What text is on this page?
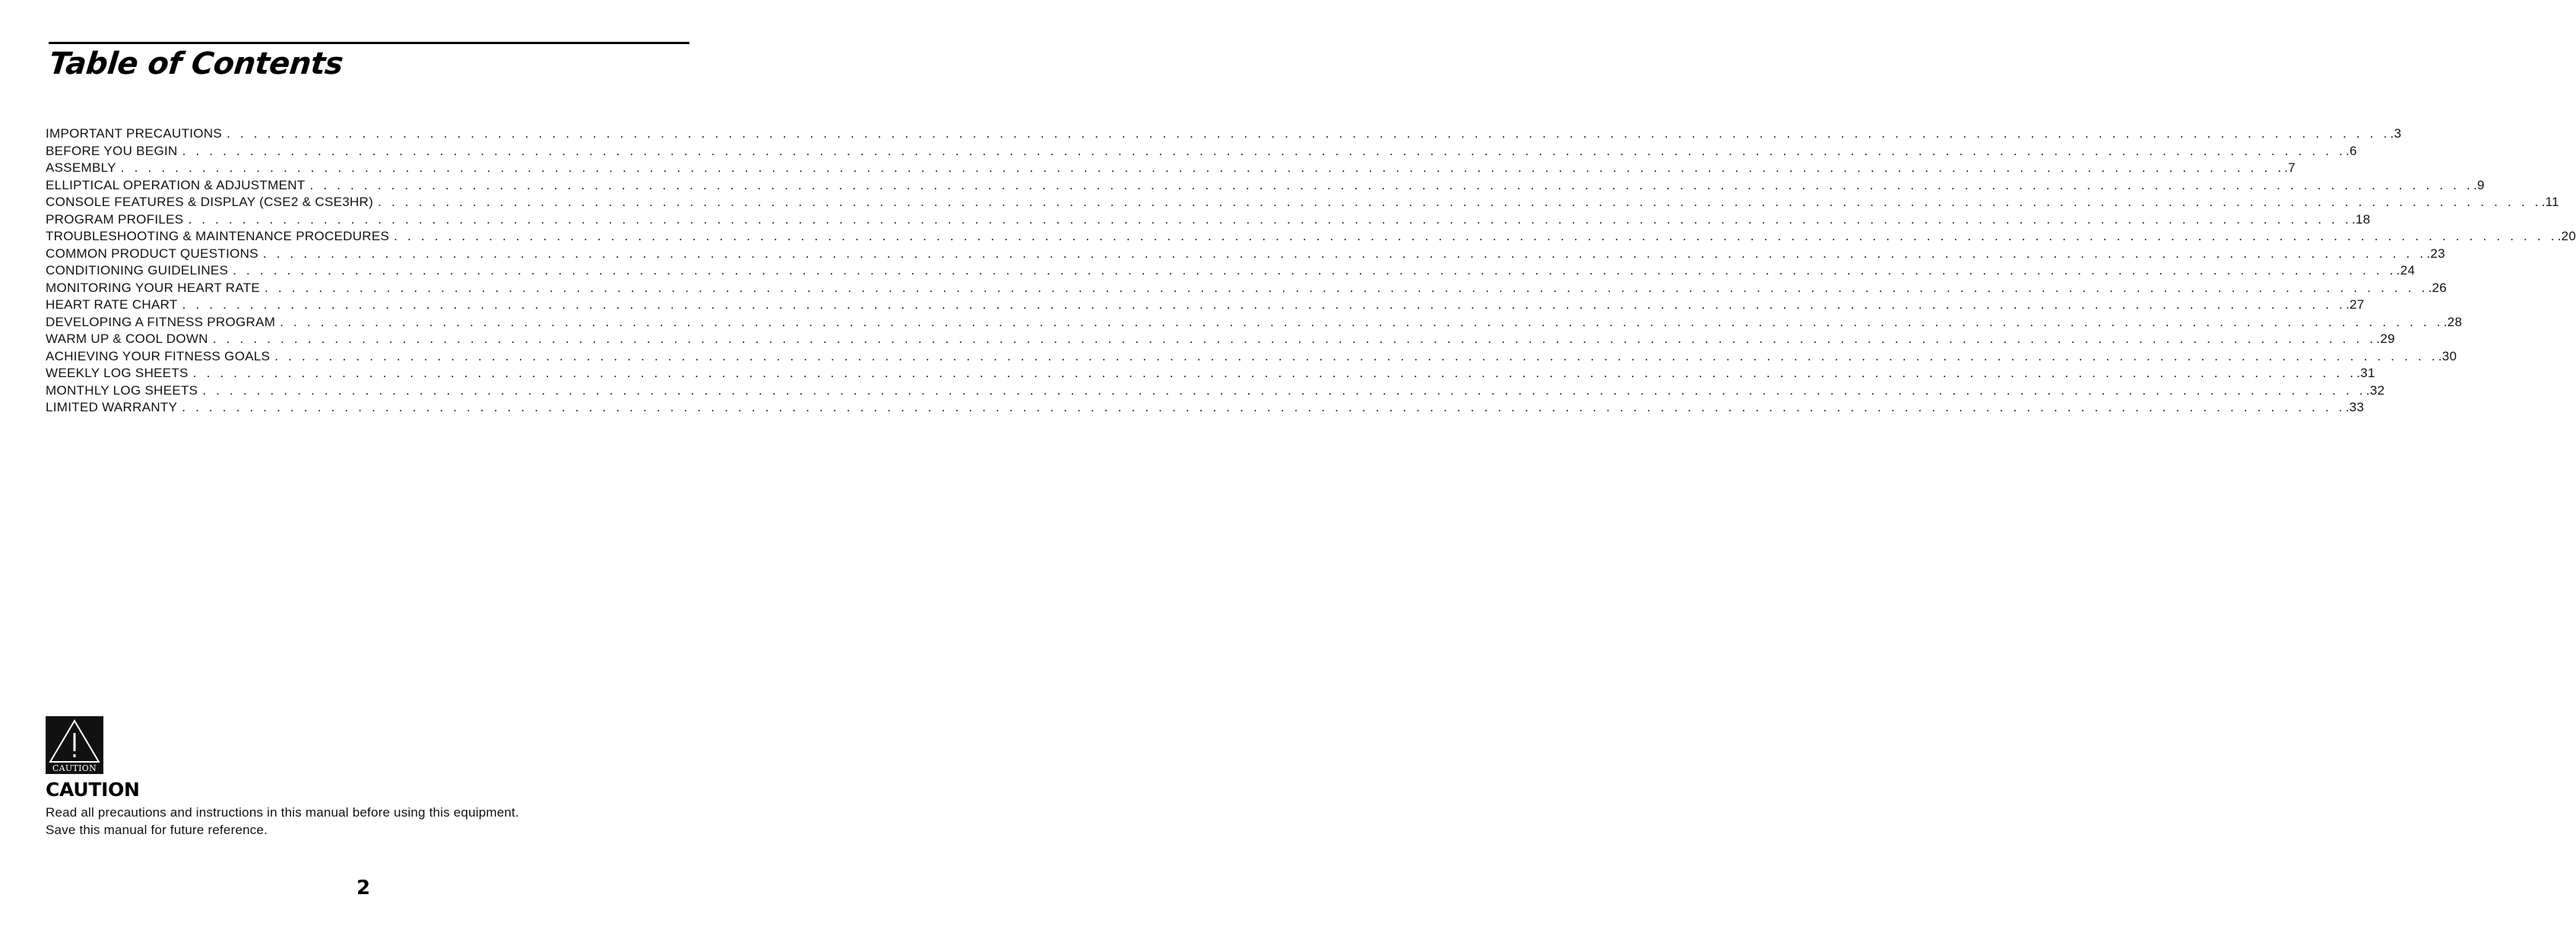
Table of Contents
IMPORTANT PRECAUTIONS . . . . . . . . . . . . . . . . . . . . . . . . . . . . . . . . . . . . . . . . . . . . . . . . . . . . . . . . . . . . . . . . . . . . . . . . . . . . . . . . . . . . . . . . . . . . . . . . . . . . . . . . . . . . . . . . . . . . . . . . . . . . . . . . . . . . . . . . . . . . . . . . . . . . . . . . . . . . . . . . .3
BEFORE YOU BEGIN . . . . . . . . . . . . . . . . . . . . . . . . . . . . . . . . . . . . . . . . . . . . . . . . . . . . . . . . . . . . . . . . . . . . . . . . . . . . . . . . . . . . . . . . . . . . . . . . . . . . . . . . . . . . . . . . . . . . . . . . . . . . . . . . . . . . . . . . . . . . . . . . . . . . . . . . . . . . . . . . .6
ASSEMBLY . . . . . . . . . . . . . . . . . . . . . . . . . . . . . . . . . . . . . . . . . . . . . . . . . . . . . . . . . . . . . . . . . . . . . . . . . . . . . . . . . . . . . . . . . . . . . . . . . . . . . . . . . . . . . . . . . . . . . . . . . . . . . . . . . . . . . . . . . . . . . . . . . . . . . . . . . . . . . . . . .7
ELLIPTICAL OPERATION & ADJUSTMENT . . . . . . . . . . . . . . . . . . . . . . . . . . . . . . . . . . . . . . . . . . . . . . . . . . . . . . . . . . . . . . . . . . . . . . . . . . . . . . . . . . . . . . . . . . . . . . . . . . . . . . . . . . . . . . . . . . . . . . . . . . . . . . . . . . . . . . . . . . . . . . . . . . . . . . . . . . . . . . . . .9
CONSOLE FEATURES & DISPLAY (CSE2 & CSE3HR) . . . . . . . . . . . . . . . . . . . . . . . . . . . . . . . . . . . . . . . . . . . . . . . . . . . . . . . . . . . . . . . . . . . . . . . . . . . . . . . . . . . . . . . . . . . . . . . . . . . . . . . . . . . . . . . . . . . . . . . . . . . . . . . . . . . . . . . . . . . . . . . . . . . . . . . . . . . . . . . . .11
PROGRAM PROFILES . . . . . . . . . . . . . . . . . . . . . . . . . . . . . . . . . . . . . . . . . . . . . . . . . . . . . . . . . . . . . . . . . . . . . . . . . . . . . . . . . . . . . . . . . . . . . . . . . . . . . . . . . . . . . . . . . . . . . . . . . . . . . . . . . . . . . . . . . . . . . . . . . . . . . . . . . . . . . . . . .18
TROUBLESHOOTING & MAINTENANCE PROCEDURES . . . . . . . . . . . . . . . . . . . . . . . . . . . . . . . . . . . . . . . . . . . . . . . . . . . . . . . . . . . . . . . . . . . . . . . . . . . . . . . . . . . . . . . . . . . . . . . . . . . . . . . . . . . . . . . . . . . . . . . . . . . . . . . . . . . . . . . . . . . . . . . . . . . . . . . . . . . . . . . . .20
COMMON PRODUCT QUESTIONS . . . . . . . . . . . . . . . . . . . . . . . . . . . . . . . . . . . . . . . . . . . . . . . . . . . . . . . . . . . . . . . . . . . . . . . . . . . . . . . . . . . . . . . . . . . . . . . . . . . . . . . . . . . . . . . . . . . . . . . . . . . . . . . . . . . . . . . . . . . . . . . . . . . . . . . . . . . . . . . . .23
CONDITIONING GUIDELINES . . . . . . . . . . . . . . . . . . . . . . . . . . . . . . . . . . . . . . . . . . . . . . . . . . . . . . . . . . . . . . . . . . . . . . . . . . . . . . . . . . . . . . . . . . . . . . . . . . . . . . . . . . . . . . . . . . . . . . . . . . . . . . . . . . . . . . . . . . . . . . . . . . . . . . . . . . . . . . . . .24
MONITORING YOUR HEART RATE . . . . . . . . . . . . . . . . . . . . . . . . . . . . . . . . . . . . . . . . . . . . . . . . . . . . . . . . . . . . . . . . . . . . . . . . . . . . . . . . . . . . . . . . . . . . . . . . . . . . . . . . . . . . . . . . . . . . . . . . . . . . . . . . . . . . . . . . . . . . . . . . . . . . . . . . . . . . . . . . .26
HEART RATE CHART . . . . . . . . . . . . . . . . . . . . . . . . . . . . . . . . . . . . . . . . . . . . . . . . . . . . . . . . . . . . . . . . . . . . . . . . . . . . . . . . . . . . . . . . . . . . . . . . . . . . . . . . . . . . . . . . . . . . . . . . . . . . . . . . . . . . . . . . . . . . . . . . . . . . . . . . . . . . . . . . .27
DEVELOPING A FITNESS PROGRAM . . . . . . . . . . . . . . . . . . . . . . . . . . . . . . . . . . . . . . . . . . . . . . . . . . . . . . . . . . . . . . . . . . . . . . . . . . . . . . . . . . . . . . . . . . . . . . . . . . . . . . . . . . . . . . . . . . . . . . . . . . . . . . . . . . . . . . . . . . . . . . . . . . . . . . . . . . . . . . . . .28
WARM UP & COOL DOWN . . . . . . . . . . . . . . . . . . . . . . . . . . . . . . . . . . . . . . . . . . . . . . . . . . . . . . . . . . . . . . . . . . . . . . . . . . . . . . . . . . . . . . . . . . . . . . . . . . . . . . . . . . . . . . . . . . . . . . . . . . . . . . . . . . . . . . . . . . . . . . . . . . . . . . . . . . . . . . . . .29
ACHIEVING YOUR FITNESS GOALS . . . . . . . . . . . . . . . . . . . . . . . . . . . . . . . . . . . . . . . . . . . . . . . . . . . . . . . . . . . . . . . . . . . . . . . . . . . . . . . . . . . . . . . . . . . . . . . . . . . . . . . . . . . . . . . . . . . . . . . . . . . . . . . . . . . . . . . . . . . . . . . . . . . . . . . . . . . . . . . . .30
WEEKLY LOG SHEETS . . . . . . . . . . . . . . . . . . . . . . . . . . . . . . . . . . . . . . . . . . . . . . . . . . . . . . . . . . . . . . . . . . . . . . . . . . . . . . . . . . . . . . . . . . . . . . . . . . . . . . . . . . . . . . . . . . . . . . . . . . . . . . . . . . . . . . . . . . . . . . . . . . . . . . . . . . . . . . . . .31
MONTHLY LOG SHEETS . . . . . . . . . . . . . . . . . . . . . . . . . . . . . . . . . . . . . . . . . . . . . . . . . . . . . . . . . . . . . . . . . . . . . . . . . . . . . . . . . . . . . . . . . . . . . . . . . . . . . . . . . . . . . . . . . . . . . . . . . . . . . . . . . . . . . . . . . . . . . . . . . . . . . . . . . . . . . . . . .32
LIMITED WARRANTY . . . . . . . . . . . . . . . . . . . . . . . . . . . . . . . . . . . . . . . . . . . . . . . . . . . . . . . . . . . . . . . . . . . . . . . . . . . . . . . . . . . . . . . . . . . . . . . . . . . . . . . . . . . . . . . . . . . . . . . . . . . . . . . . . . . . . . . . . . . . . . . . . . . . . . . . . . . . . . . . .33
CAUTION
CAUTION

Read all precautions and instructions in this manual before using this equipment.

Save this manual for future reference.

2
